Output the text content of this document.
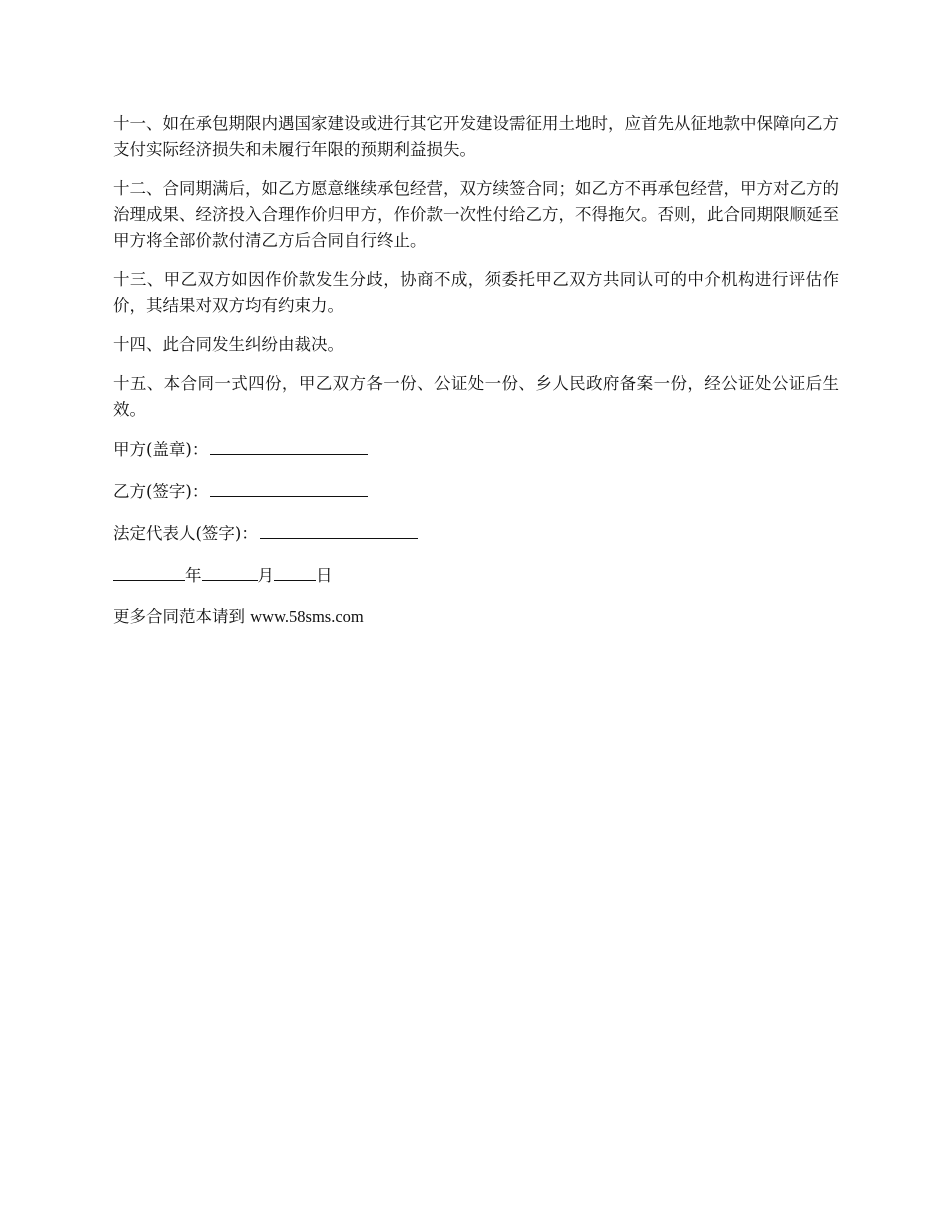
十一、如在承包期限内遇国家建设或进行其它开发建设需征用土地时，应首先从征地款中保障向乙方支付实际经济损失和未履行年限的预期利益损失。

十二、合同期满后，如乙方愿意继续承包经营，双方续签合同；如乙方不再承包经营，甲方对乙方的治理成果、经济投入合理作价归甲方，作价款一次性付给乙方，不得拖欠。否则，此合同期限顺延至甲方将全部价款付清乙方后合同自行终止。

十三、甲乙双方如因作价款发生分歧，协商不成，须委托甲乙双方共同认可的中介机构进行评估作价，其结果对双方均有约束力。

十四、此合同发生纠纷由裁决。

十五、本合同一式四份，甲乙双方各一份、公证处一份、乡人民政府备案一份，经公证处公证后生效。

甲方(盖章)：

乙方(签字)：

法定代表人(签字)：

年	月	日

更多合同范本请到 www.58sms.com
